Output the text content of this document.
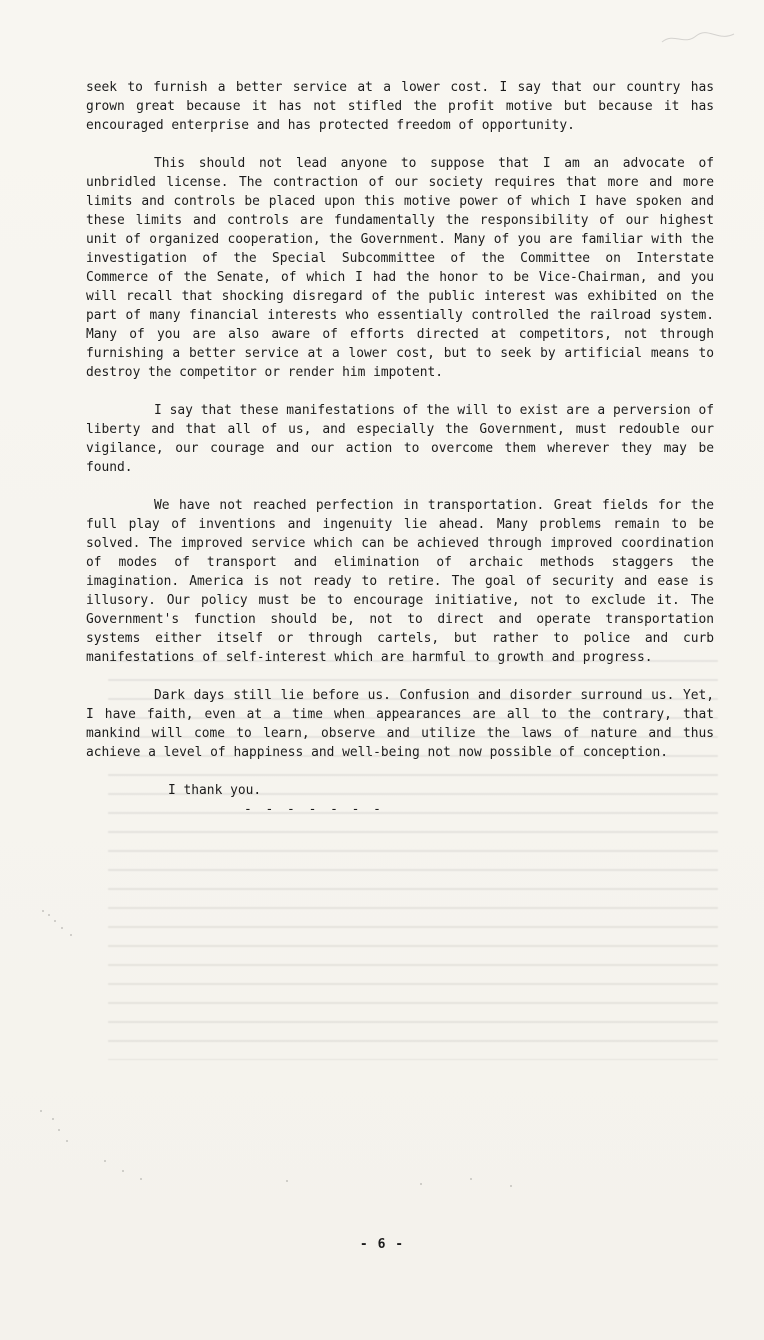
seek to furnish a better service at a lower cost. I say that our country has grown great because it has not stifled the profit motive but because it has encouraged enterprise and has protected freedom of opportunity.

This should not lead anyone to suppose that I am an advocate of unbridled license. The contraction of our society requires that more and more limits and controls be placed upon this motive power of which I have spoken and these limits and controls are fundamentally the responsibility of our highest unit of organized cooperation, the Government. Many of you are familiar with the investigation of the Special Subcommittee of the Committee on Interstate Commerce of the Senate, of which I had the honor to be Vice-Chairman, and you will recall that shocking disregard of the public interest was exhibited on the part of many financial interests who essentially controlled the railroad system. Many of you are also aware of efforts directed at competitors, not through furnishing a better service at a lower cost, but to seek by artificial means to destroy the competitor or render him impotent.

I say that these manifestations of the will to exist are a perversion of liberty and that all of us, and especially the Government, must redouble our vigilance, our courage and our action to overcome them wherever they may be found.

We have not reached perfection in transportation. Great fields for the full play of inventions and ingenuity lie ahead. Many problems remain to be solved. The improved service which can be achieved through improved coordination of modes of transport and elimination of archaic methods staggers the imagination. America is not ready to retire. The goal of security and ease is illusory. Our policy must be to encourage initiative, not to exclude it. The Government's function should be, not to direct and operate transportation systems either itself or through cartels, but rather to police and curb manifestations of self-interest which are harmful to growth and progress.

Dark days still lie before us. Confusion and disorder surround us. Yet, I have faith, even at a time when appearances are all to the contrary, that mankind will come to learn, observe and utilize the laws of nature and thus achieve a level of happiness and well-being not now possible of conception.

I thank you.

- - - - - - -

- 6 -
